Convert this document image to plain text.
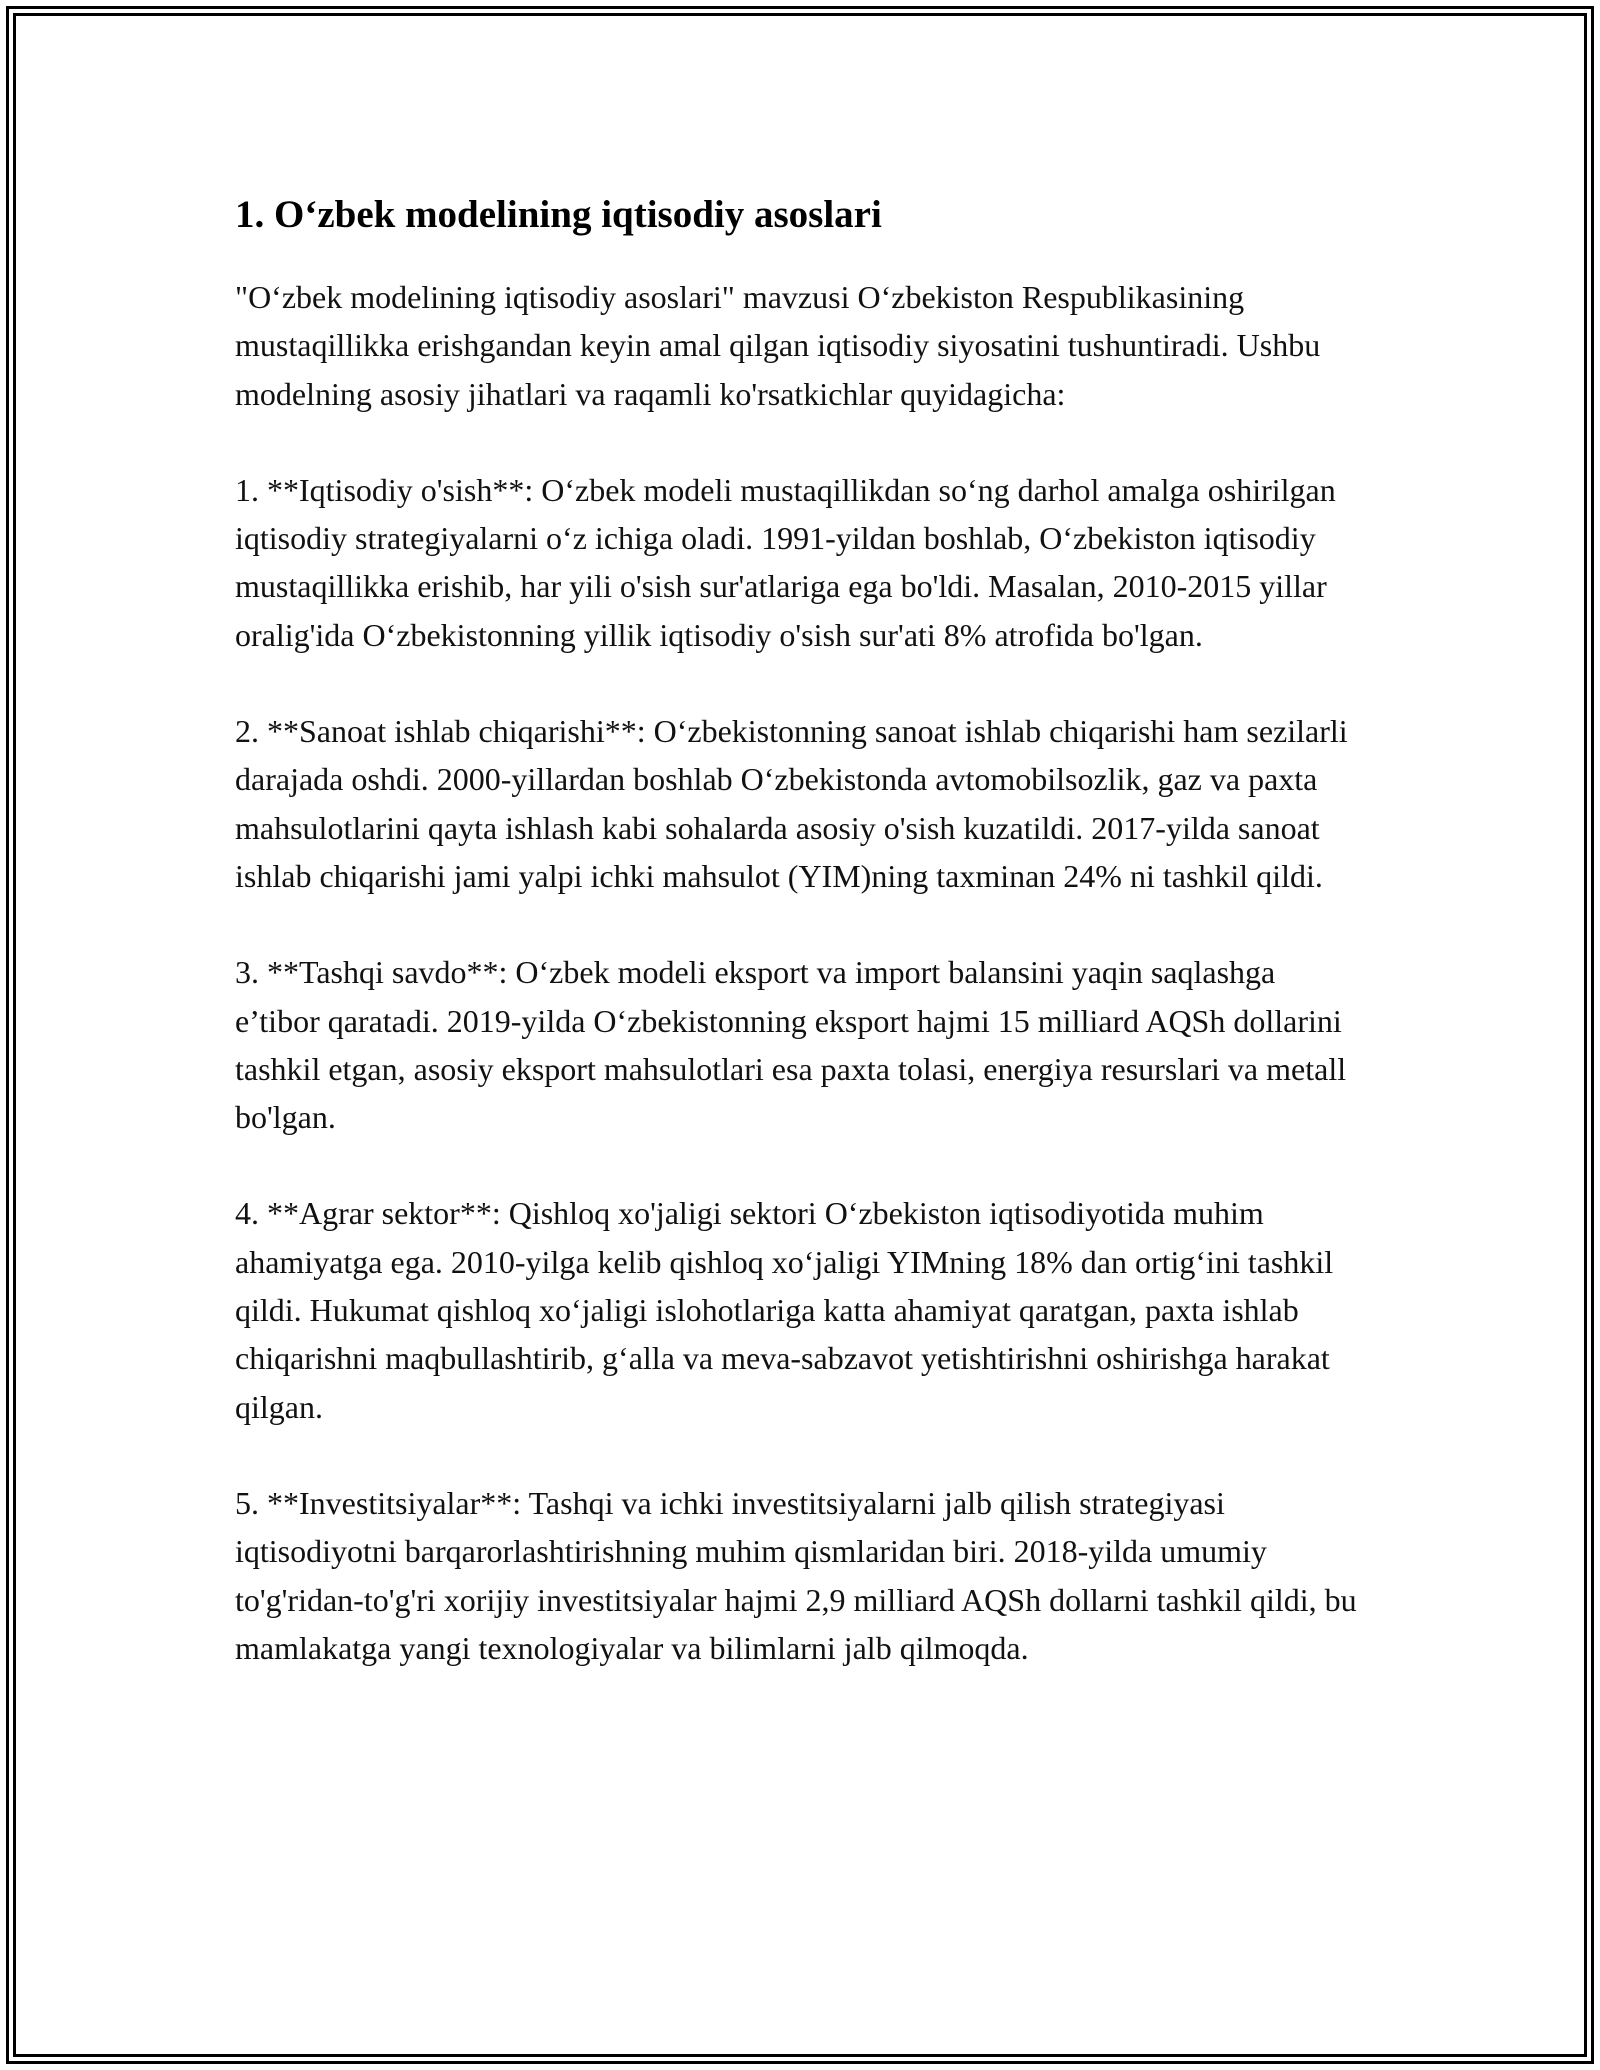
1. O‘zbek modelining iqtisodiy asoslari

"O‘zbek modelining iqtisodiy asoslari" mavzusi O‘zbekiston Respublikasining mustaqillikka erishgandan keyin amal qilgan iqtisodiy siyosatini tushuntiradi. Ushbu modelning asosiy jihatlari va raqamli ko'rsatkichlar quyidagicha:

1. **Iqtisodiy o'sish**: O‘zbek modeli mustaqillikdan so‘ng darhol amalga oshirilgan iqtisodiy strategiyalarni o‘z ichiga oladi. 1991-yildan boshlab, O‘zbekiston iqtisodiy mustaqillikka erishib, har yili o'sish sur'atlariga ega bo'ldi. Masalan, 2010-2015 yillar oralig'ida O‘zbekistonning yillik iqtisodiy o'sish sur'ati 8% atrofida bo'lgan.

2. **Sanoat ishlab chiqarishi**: O‘zbekistonning sanoat ishlab chiqarishi ham sezilarli darajada oshdi. 2000-yillardan boshlab O‘zbekistonda avtomobilsozlik, gaz va paxta mahsulotlarini qayta ishlash kabi sohalarda asosiy o'sish kuzatildi. 2017-yilda sanoat ishlab chiqarishi jami yalpi ichki mahsulot (YIM)ning taxminan 24% ni tashkil qildi.

3. **Tashqi savdo**: O‘zbek modeli eksport va import balansini yaqin saqlashga e’tibor qaratadi. 2019-yilda O‘zbekistonning eksport hajmi 15 milliard AQSh dollarini tashkil etgan, asosiy eksport mahsulotlari esa paxta tolasi, energiya resurslari va metall bo'lgan.

4. **Agrar sektor**: Qishloq xo'jaligi sektori O‘zbekiston iqtisodiyotida muhim ahamiyatga ega. 2010-yilga kelib qishloq xo‘jaligi YIMning 18% dan ortig‘ini tashkil qildi. Hukumat qishloq xo‘jaligi islohotlariga katta ahamiyat qaratgan, paxta ishlab chiqarishni maqbullashtirib, g‘alla va meva-sabzavot yetishtirishni oshirishga harakat qilgan.

5. **Investitsiyalar**: Tashqi va ichki investitsiyalarni jalb qilish strategiyasi iqtisodiyotni barqarorlashtirishning muhim qismlaridan biri. 2018-yilda umumiy to'g'ridan-to'g'ri xorijiy investitsiyalar hajmi 2,9 milliard AQSh dollarni tashkil qildi, bu mamlakatga yangi texnologiyalar va bilimlarni jalb qilmoqda.
